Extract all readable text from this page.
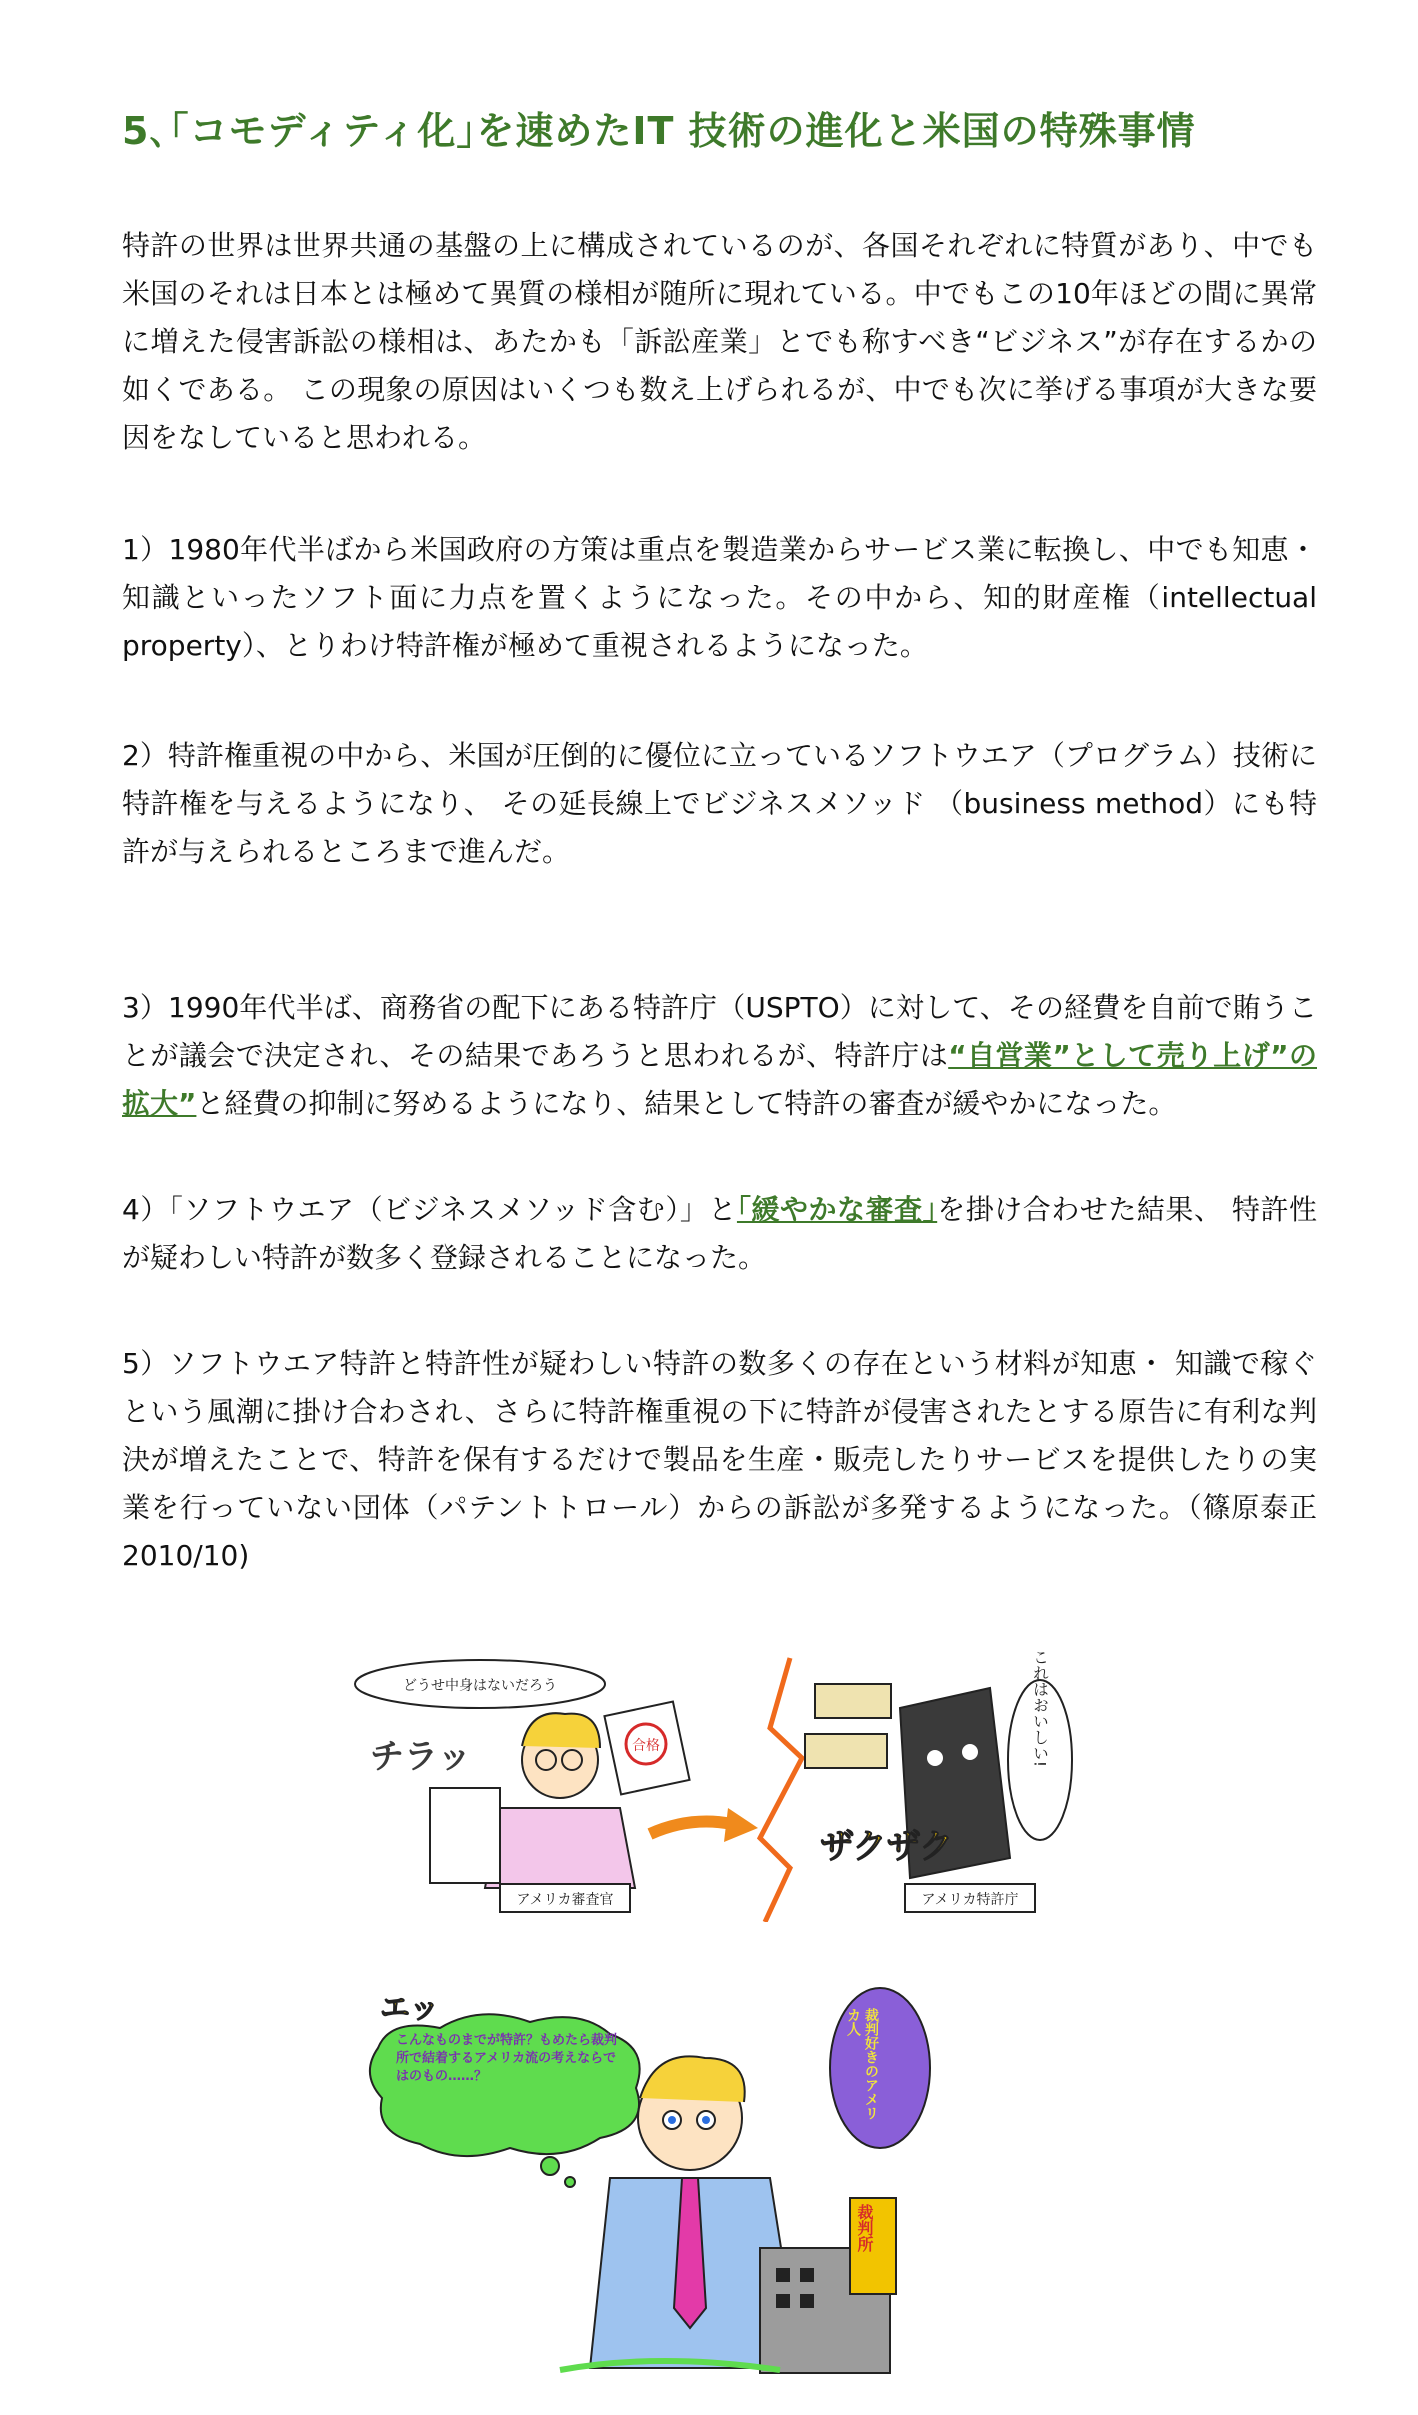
5､｢コモディティ化｣を速めたIT 技術の進化と米国の特殊事情
特許の世界は世界共通の基盤の上に構成されているのが、各国それぞれに特質があり、中でも米国のそれは日本とは極めて異質の様相が随所に現れている。中でもこの10年ほどの間に異常に増えた侵害訴訟の様相は、あたかも「訴訟産業」とでも称すべき“ビジネス”が存在するかの如くである。 この現象の原因はいくつも数え上げられるが、中でも次に挙げる事項が大きな要因をなしていると思われる。
1）1980年代半ばから米国政府の方策は重点を製造業からサービス業に転換し、中でも知恵・知識といったソフト面に力点を置くようになった。その中から、知的財産権（intellectual property）、とりわけ特許権が極めて重視されるようになった。
2）特許権重視の中から、米国が圧倒的に優位に立っているソフトウエア（プログラム）技術に特許権を与えるようになり、 その延長線上でビジネスメソッド （business method）にも特許が与えられるところまで進んだ。
3）1990年代半ば、商務省の配下にある特許庁（USPTO）に対して、その経費を自前で賄うことが議会で決定され、その結果であろうと思われるが、特許庁は“自営業”として売り上げ”の拡大”と経費の抑制に努めるようになり、結果として特許の審査が緩やかになった。
4）「ソフトウエア（ビジネスメソッド含む）」と｢緩やかな審査｣を掛け合わせた結果、 特許性が疑わしい特許が数多く登録されることになった。
5）ソフトウエア特許と特許性が疑わしい特許の数多くの存在という材料が知恵・ 知識で稼ぐという風潮に掛け合わされ、さらに特許権重視の下に特許が侵害されたとする原告に有利な判決が増えたことで、特許を保有するだけで製品を生産・販売したりサービスを提供したりの実業を行っていない団体（パテントトロール）からの訴訟が多発するようになった。（篠原泰正 2010/10)
どうせ中身はないだろう
チラッ	合格
アメリカ審査官
ザクザク
これはおいしい!
アメリカ特許庁
エッ
こんなものまでが特許？もめたら裁判所で結着するアメリカ流の考えならではのもの……？	裁判好きのアメリカ人
裁判所
